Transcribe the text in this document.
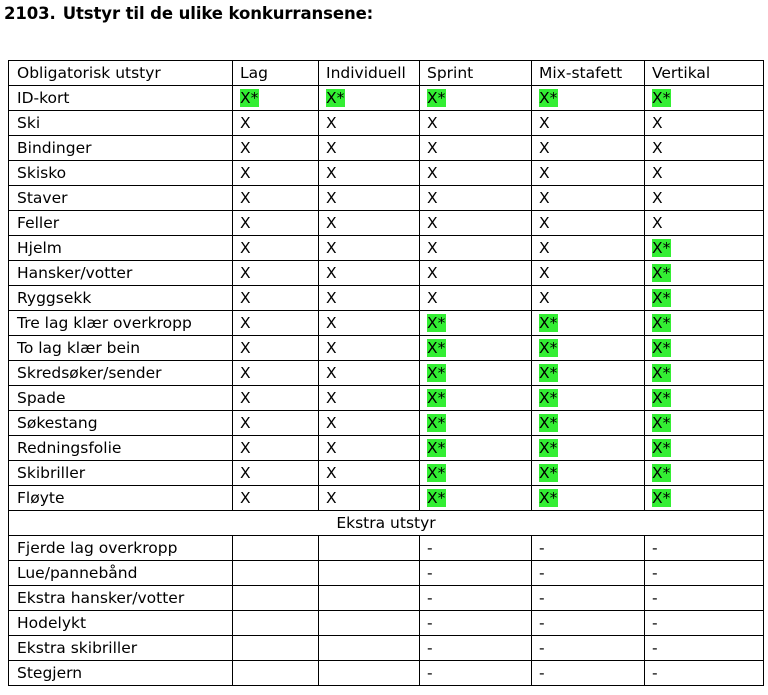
2103. Utstyr til de ulike konkurransene:
Obligatorisk utstyr	Lag	Individuell	Sprint	Mix-stafett	Vertikal
ID-kort	X*	X*	X*	X*	X*
Ski	X	X	X	X	X
Bindinger	X	X	X	X	X
Skisko	X	X	X	X	X
Staver	X	X	X	X	X
Feller	X	X	X	X	X
Hjelm	X	X	X	X	X*
Hansker/votter	X	X	X	X	X*
Ryggsekk	X	X	X	X	X*
Tre lag klær overkropp	X	X	X*	X*	X*
To lag klær bein	X	X	X*	X*	X*
Skredsøker/sender	X	X	X*	X*	X*
Spade	X	X	X*	X*	X*
Søkestang	X	X	X*	X*	X*
Redningsfolie	X	X	X*	X*	X*
Skibriller	X	X	X*	X*	X*
Fløyte	X	X	X*	X*	X*
Ekstra utstyr					
Fjerde lag overkropp			-	-	-
Lue/pannebånd			-	-	-
Ekstra hansker/votter			-	-	-
Hodelykt			-	-	-
Ekstra skibriller			-	-	-
Stegjern			-	-	-
